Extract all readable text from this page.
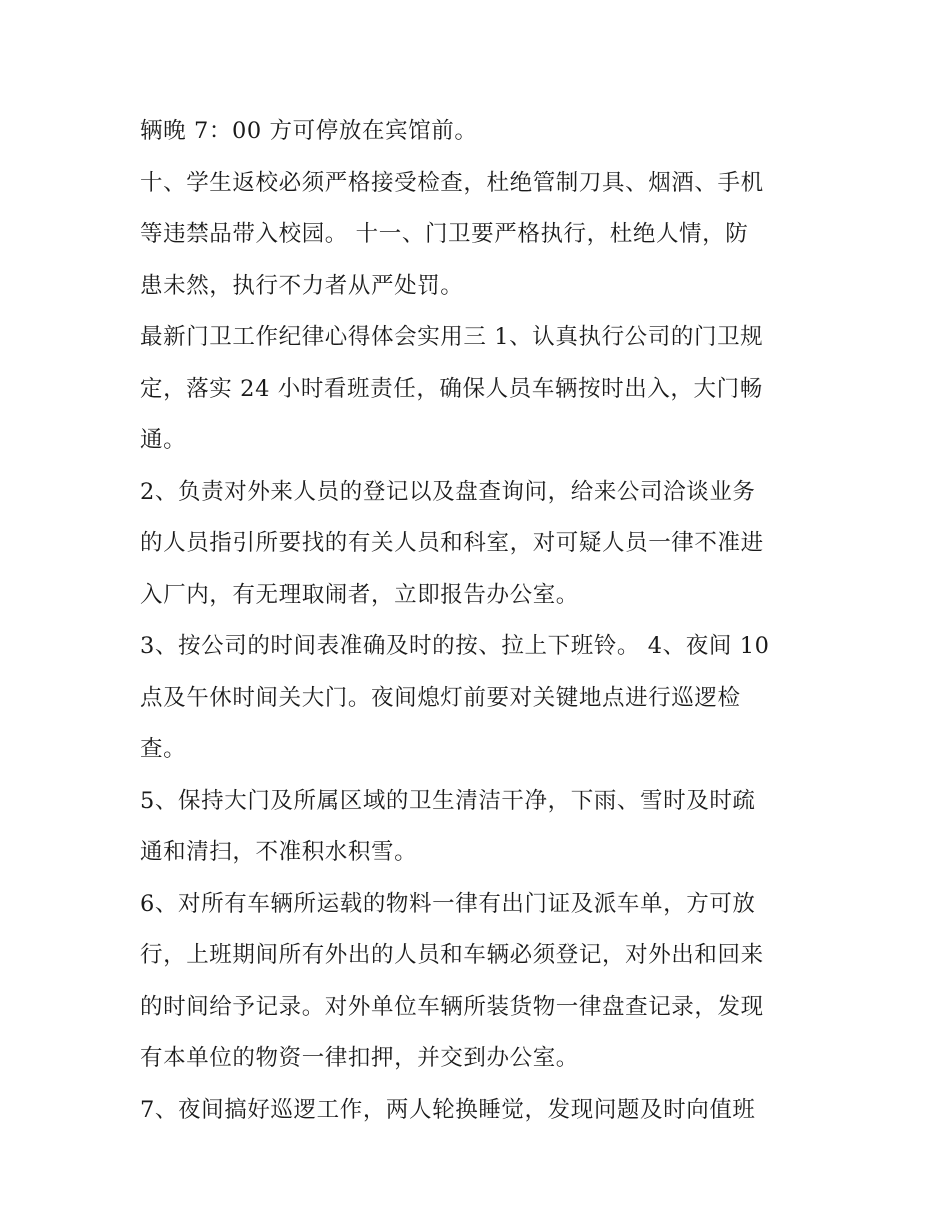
辆晚 7：00 方可停放在宾馆前。
十、学生返校必须严格接受检查，杜绝管制刀具、烟酒、手机
等违禁品带入校园。 十一、门卫要严格执行，杜绝人情，防
患未然，执行不力者从严处罚。
最新门卫工作纪律心得体会实用三 1、认真执行公司的门卫规
定，落实 24 小时看班责任，确保人员车辆按时出入，大门畅
通。
2、负责对外来人员的登记以及盘查询问，给来公司洽谈业务
的人员指引所要找的有关人员和科室，对可疑人员一律不准进
入厂内，有无理取闹者，立即报告办公室。
3、按公司的时间表准确及时的按、拉上下班铃。 4、夜间 10
点及午休时间关大门。夜间熄灯前要对关键地点进行巡逻检
查。
5、保持大门及所属区域的卫生清洁干净，下雨、雪时及时疏
通和清扫，不准积水积雪。
6、对所有车辆所运载的物料一律有出门证及派车单，方可放
行，上班期间所有外出的人员和车辆必须登记，对外出和回来
的时间给予记录。对外单位车辆所装货物一律盘查记录，发现
有本单位的物资一律扣押，并交到办公室。
7、夜间搞好巡逻工作，两人轮换睡觉，发现问题及时向值班
